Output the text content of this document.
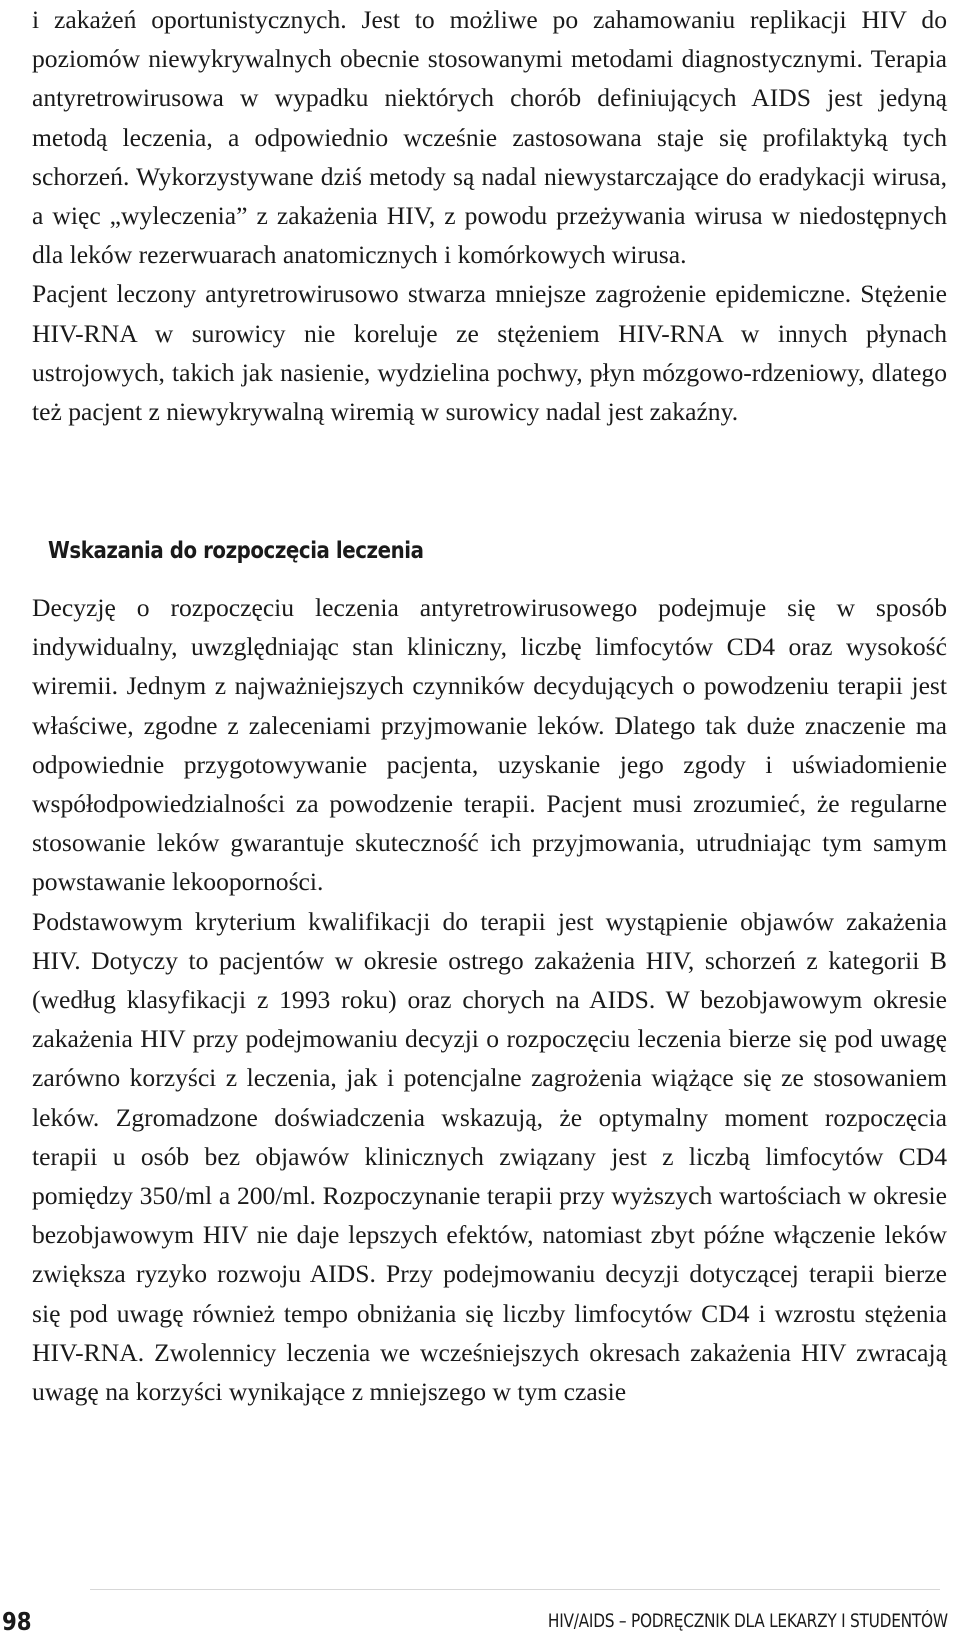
i zakażeń oportunistycznych. Jest to możliwe po zahamowaniu replikacji HIV do poziomów niewykrywalnych obecnie stosowanymi metodami diagnostycznymi. Terapia antyretrowirusowa w wypadku niektórych chorób definiujących AIDS jest jedyną metodą leczenia, a odpowiednio wcześnie zastosowana staje się profilaktyką tych schorzeń. Wykorzystywane dziś metody są nadal niewystarczające do eradykacji wirusa, a więc „wyleczenia” z zakażenia HIV, z powodu przeżywania wirusa w niedostępnych dla leków rezerwuarach anatomicznych i komórkowych wirusa.

Pacjent leczony antyretrowirusowo stwarza mniejsze zagrożenie epidemiczne. Stężenie HIV-RNA w surowicy nie koreluje ze stężeniem HIV-RNA w innych płynach ustrojowych, takich jak nasienie, wydzielina pochwy, płyn mózgowo-rdzeniowy, dlatego też pacjent z niewykrywalną wiremią w surowicy nadal jest zakaźny.

Wskazania do rozpoczęcia leczenia

Decyzję o rozpoczęciu leczenia antyretrowirusowego podejmuje się w sposób indywidualny, uwzględniając stan kliniczny, liczbę limfocytów CD4 oraz wysokość wiremii. Jednym z najważniejszych czynników decydujących o powodzeniu terapii jest właściwe, zgodne z zaleceniami przyjmowanie leków. Dlatego tak duże znaczenie ma odpowiednie przygotowywanie pacjenta, uzyskanie jego zgody i uświadomienie współodpowiedzialności za powodzenie terapii. Pacjent musi zrozumieć, że regularne stosowanie leków gwarantuje skuteczność ich przyjmowania, utrudniając tym samym powstawanie lekooporności.

Podstawowym kryterium kwalifikacji do terapii jest wystąpienie objawów zakażenia HIV. Dotyczy to pacjentów w okresie ostrego zakażenia HIV, schorzeń z kategorii B (według klasyfikacji z 1993 roku) oraz chorych na AIDS. W bezobjawowym okresie zakażenia HIV przy podejmowaniu decyzji o rozpoczęciu leczenia bierze się pod uwagę zarówno korzyści z leczenia, jak i potencjalne zagrożenia wiążące się ze stosowaniem leków. Zgromadzone doświadczenia wskazują, że optymalny moment rozpoczęcia terapii u osób bez objawów klinicznych związany jest z liczbą limfocytów CD4 pomiędzy 350/ml a 200/ml. Rozpoczynanie terapii przy wyższych wartościach w okresie bezobjawowym HIV nie daje lepszych efektów, natomiast zbyt późne włączenie leków zwiększa ryzyko rozwoju AIDS. Przy podejmowaniu decyzji dotyczącej terapii bierze się pod uwagę również tempo obniżania się liczby limfocytów CD4 i wzrostu stężenia HIV-RNA. Zwolennicy leczenia we wcześniejszych okresach zakażenia HIV zwracają uwagę na korzyści wynikające z mniejszego w tym czasie

98	HIV/AIDS – PODRĘCZNIK DLA LEKARZY I STUDENTÓW
